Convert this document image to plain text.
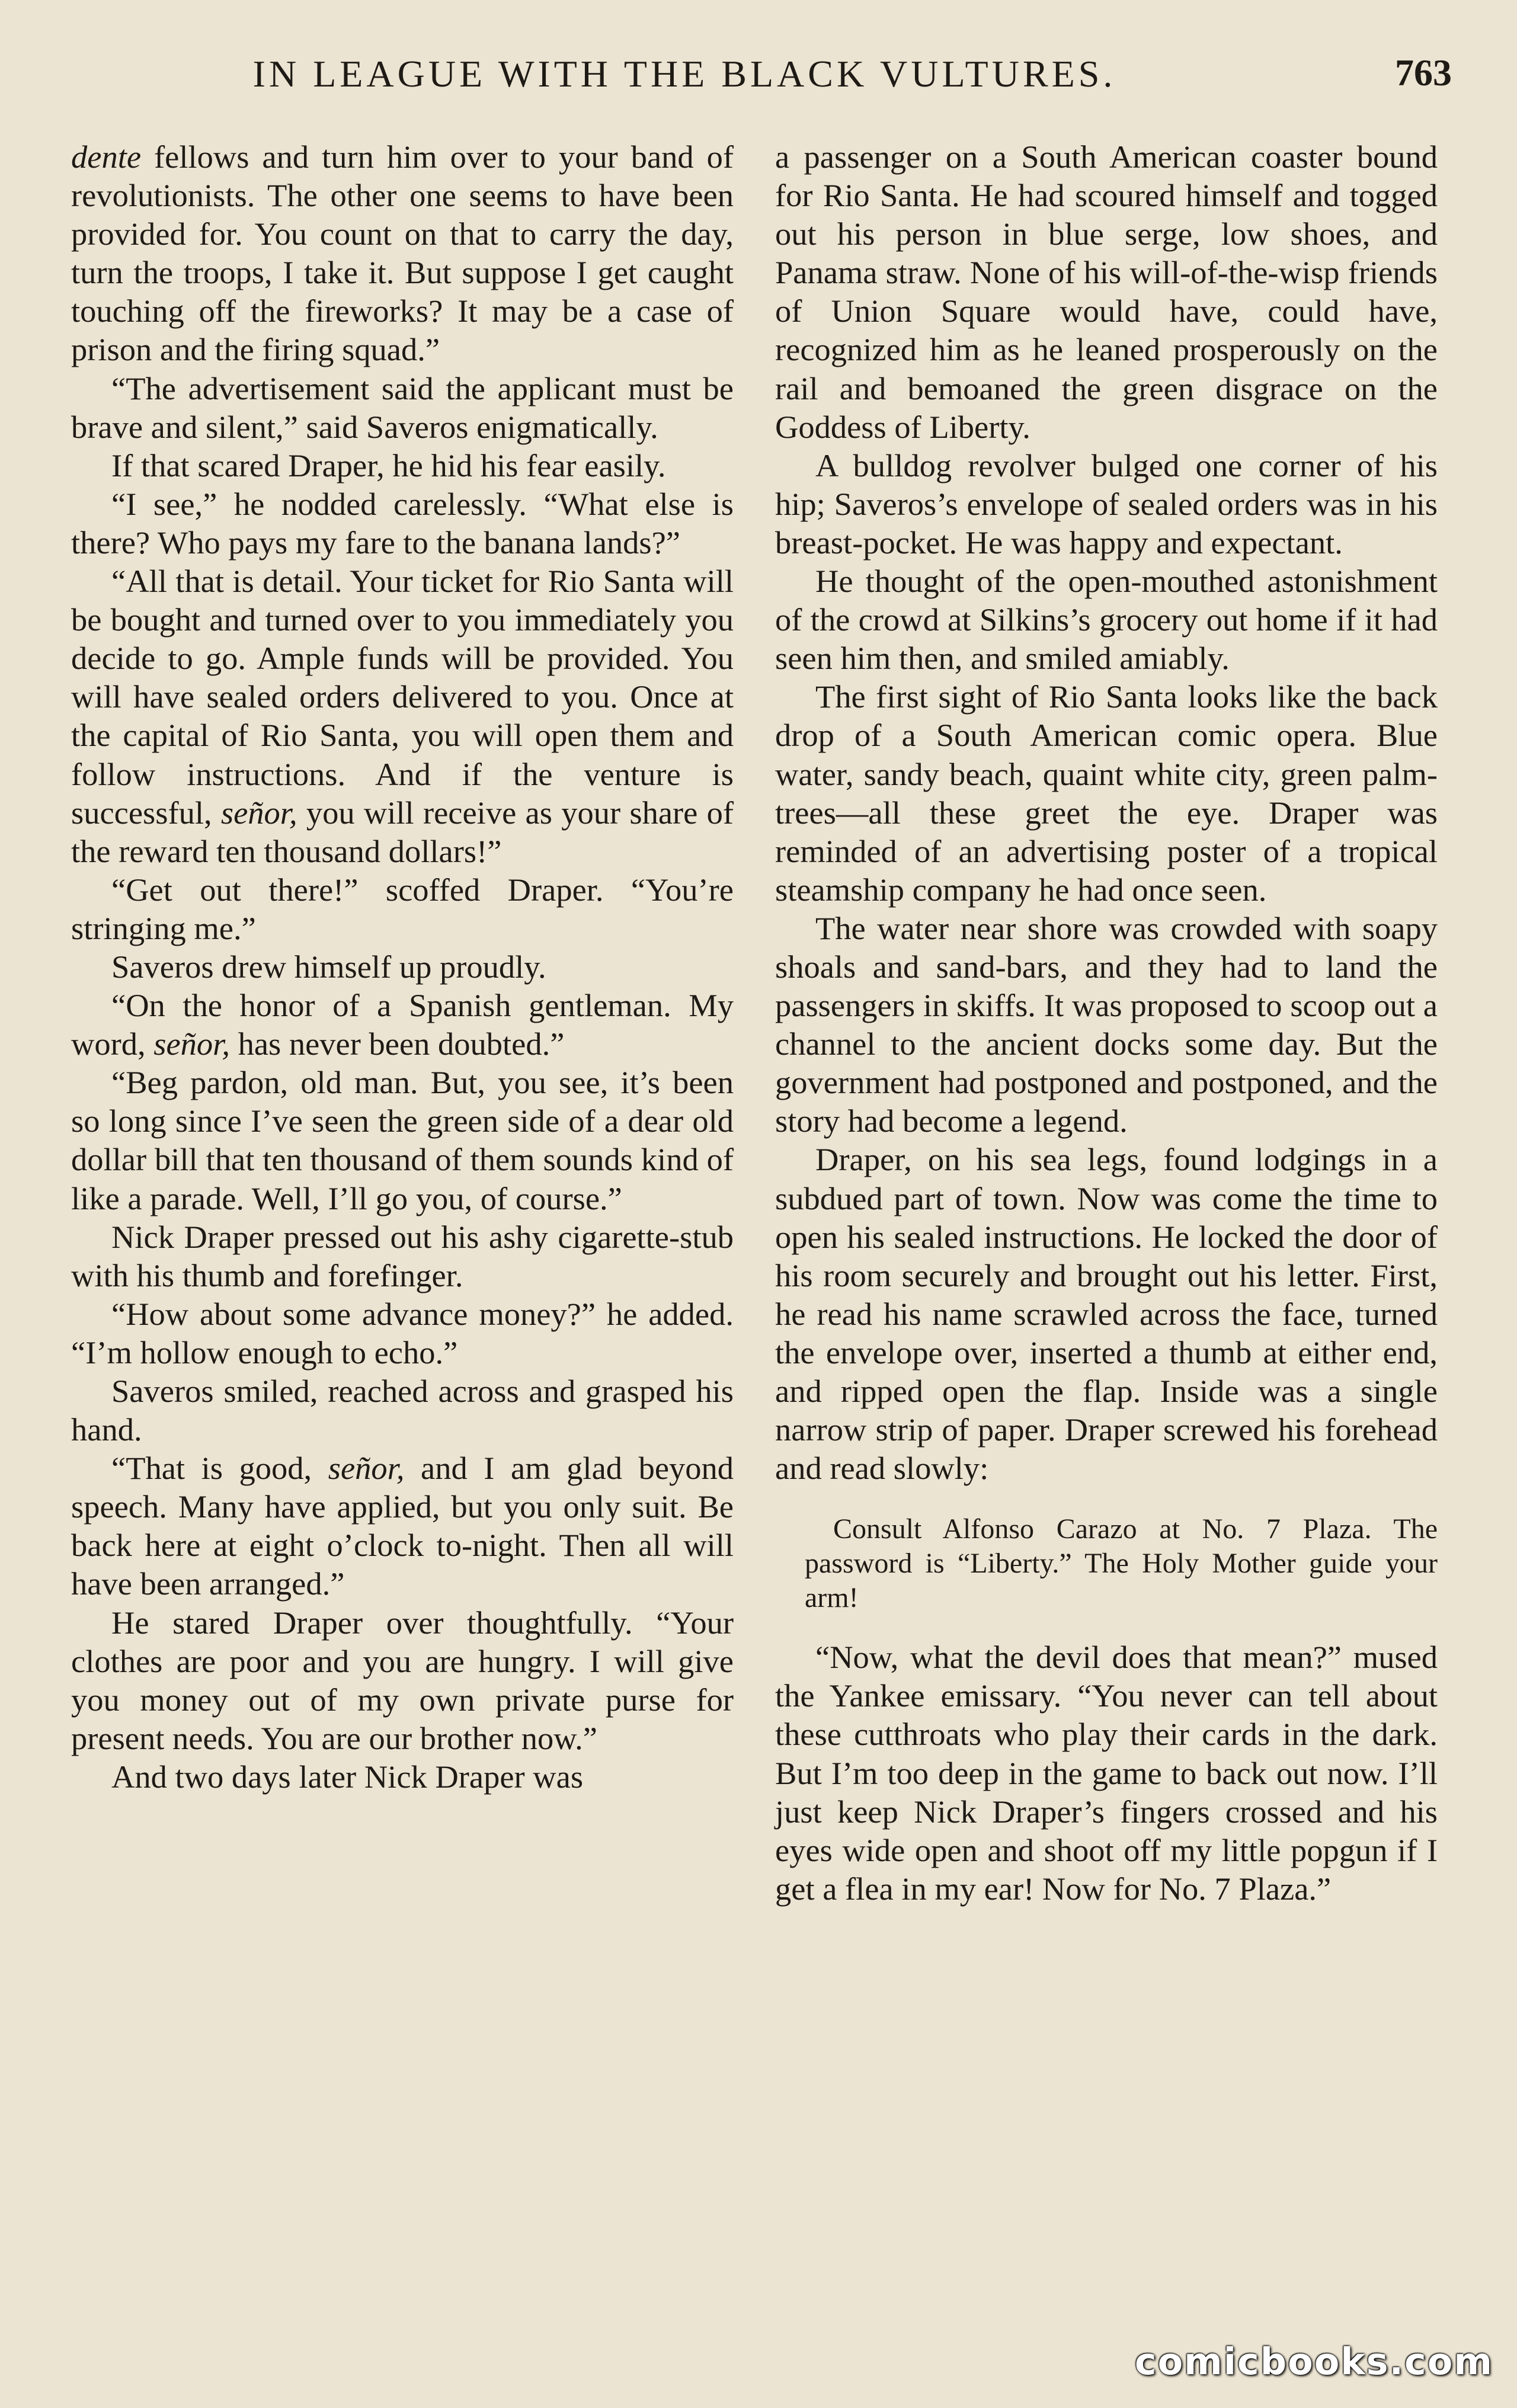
IN LEAGUE WITH THE BLACK VULTURES.	763

dente fellows and turn him over to your band of revolutionists. The other one seems to have been provided for. You count on that to carry the day, turn the troops, I take it. But suppose I get caught touching off the fireworks? It may be a case of prison and the firing squad.”

“The advertisement said the applicant must be brave and silent,” said Saveros enigmatically.

If that scared Draper, he hid his fear easily.

“I see,” he nodded carelessly. “What else is there? Who pays my fare to the banana lands?”

“All that is detail. Your ticket for Rio Santa will be bought and turned over to you immediately you decide to go. Ample funds will be provided. You will have sealed orders delivered to you. Once at the capital of Rio Santa, you will open them and follow instructions. And if the venture is successful, señor, you will receive as your share of the reward ten thousand dollars!”

“Get out there!” scoffed Draper. “You’re stringing me.”

Saveros drew himself up proudly.

“On the honor of a Spanish gentleman. My word, señor, has never been doubted.”

“Beg pardon, old man. But, you see, it’s been so long since I’ve seen the green side of a dear old dollar bill that ten thousand of them sounds kind of like a parade. Well, I’ll go you, of course.”

Nick Draper pressed out his ashy cigarette-stub with his thumb and forefinger.

“How about some advance money?” he added. “I’m hollow enough to echo.”

Saveros smiled, reached across and grasped his hand.

“That is good, señor, and I am glad beyond speech. Many have applied, but you only suit. Be back here at eight o’clock to-night. Then all will have been arranged.”

He stared Draper over thoughtfully. “Your clothes are poor and you are hungry. I will give you money out of my own private purse for present needs. You are our brother now.”

And two days later Nick Draper was

a passenger on a South American coaster bound for Rio Santa. He had scoured himself and togged out his person in blue serge, low shoes, and Panama straw. None of his will-of-the-wisp friends of Union Square would have, could have, recognized him as he leaned prosperously on the rail and bemoaned the green disgrace on the Goddess of Liberty.

A bulldog revolver bulged one corner of his hip; Saveros’s envelope of sealed orders was in his breast-pocket. He was happy and expectant.

He thought of the open-mouthed astonishment of the crowd at Silkins’s grocery out home if it had seen him then, and smiled amiably.

The first sight of Rio Santa looks like the back drop of a South American comic opera. Blue water, sandy beach, quaint white city, green palm-trees—all these greet the eye. Draper was reminded of an advertising poster of a tropical steamship company he had once seen.

The water near shore was crowded with soapy shoals and sand-bars, and they had to land the passengers in skiffs. It was proposed to scoop out a channel to the ancient docks some day. But the government had postponed and postponed, and the story had become a legend.

Draper, on his sea legs, found lodgings in a subdued part of town. Now was come the time to open his sealed instructions. He locked the door of his room securely and brought out his letter. First, he read his name scrawled across the face, turned the envelope over, inserted a thumb at either end, and ripped open the flap. Inside was a single narrow strip of paper. Draper screwed his forehead and read slowly:

Consult Alfonso Carazo at No. 7 Plaza. The password is “Liberty.” The Holy Mother guide your arm!

“Now, what the devil does that mean?” mused the Yankee emissary. “You never can tell about these cutthroats who play their cards in the dark. But I’m too deep in the game to back out now. I’ll just keep Nick Draper’s fingers crossed and his eyes wide open and shoot off my little popgun if I get a flea in my ear! Now for No. 7 Plaza.”

comicbooks.com
